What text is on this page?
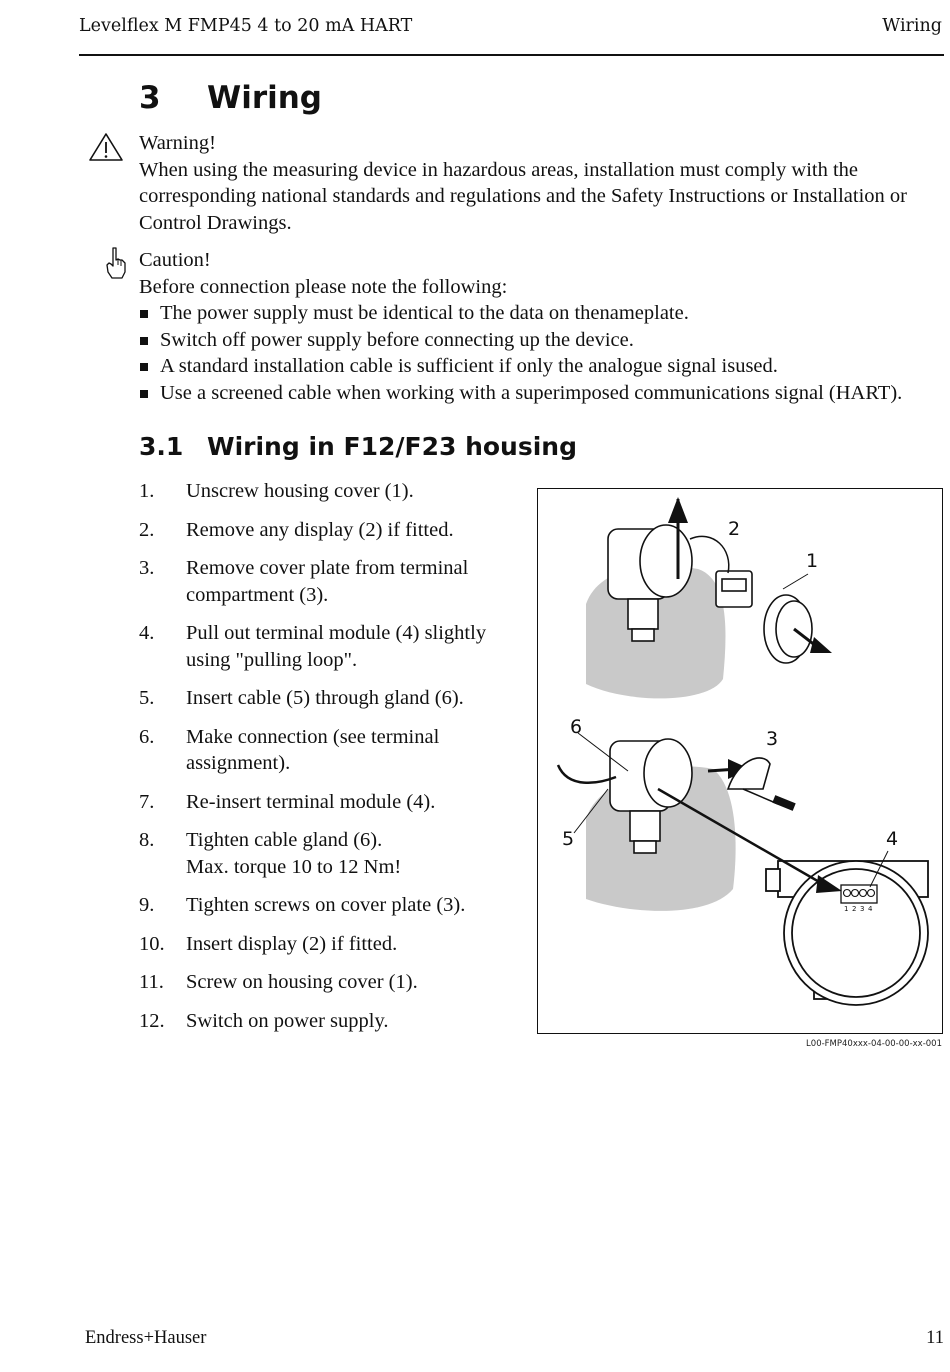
Levelflex M FMP45 4 to 20 mA HART	Wiring
3 Wiring
Warning!
When using the measuring device in hazardous areas, installation must comply with the corresponding national standards and regulations and the Safety Instructions or Installation or Control Drawings.
Caution!
Before connection please note the following:
The power supply must be identical to the data on thenameplate.
Switch off power supply before connecting up the device.
A standard installation cable is sufficient if only the analogue signal isused.
Use a screened cable when working with a superimposed communications signal (HART).
3.1 Wiring in F12/F23 housing
1. Unscrew housing cover (1).
2. Remove any display (2) if fitted.
3. Remove cover plate from terminal compartment (3).
4. Pull out terminal module (4) slightly using "pulling loop".
5. Insert cable (5) through gland (6).
6. Make connection (see terminal assignment).
7. Re-insert terminal module (4).
8. Tighten cable gland (6).
Max. torque 10 to 12 Nm!
9. Tighten screws on cover plate (3).
10. Insert display (2) if fitted.
11. Screw on housing cover (1).
12. Switch on power supply.
2
1
6
3
5
1 2 3 4
4
L00-FMP40xxx-04-00-00-xx-001
Endress+Hauser	11
